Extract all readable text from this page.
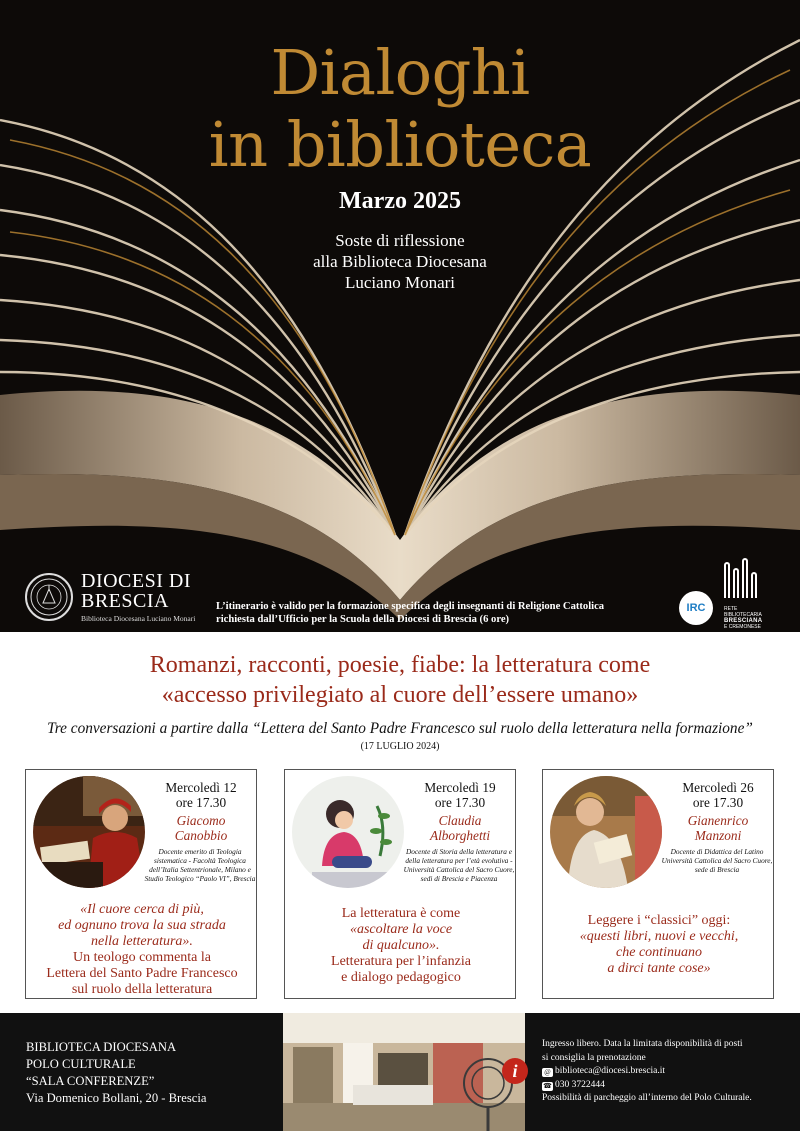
Dialoghi
in biblioteca
Marzo 2025
Soste di riflessione
alla Biblioteca Diocesana
Luciano Monari
DIOCESI DI
BRESCIA
Biblioteca Diocesana Luciano Monari
L’itinerario è valido per la formazione specifica degli insegnanti di Religione Cattolica
richiesta dall’Ufficio per la Scuola della Diocesi di Brescia (6 ore)
IRC	RETE BIBLIOTECARIA
BRESCIANA
E CREMONESE
Romanzi, racconti, poesie, fiabe: la letteratura come
«accesso privilegiato al cuore dell’essere umano»
Tre conversazioni a partire dalla “Lettera del Santo Padre Francesco sul ruolo della letteratura nella formazione”
(17 LUGLIO 2024)
Mercoledì 12
ore 17.30
Giacomo
Canobbio
Docente emerito di Teologia sistematica - Facoltà Teologica dell’Italia Settentrionale, Milano e Studio Teologico “Paolo VI”, Brescia
«Il cuore cerca di più,
ed ognuno trova la sua strada
nella letteratura».
Un teologo commenta la
Lettera del Santo Padre Francesco
sul ruolo della letteratura
Mercoledì 19
ore 17.30
Claudia
Alborghetti
Docente di Storia della letteratura e della letteratura per l’età evolutiva - Università Cattolica del Sacro Cuore, sedi di Brescia e Piacenza
La letteratura è come
«ascoltare la voce
di qualcuno».
Letteratura per l’infanzia
e dialogo pedagogico
Mercoledì 26
ore 17.30
Gianenrico
Manzoni
Docente di Didattica del Latino Università Cattolica del Sacro Cuore, sede di Brescia
Leggere i “classici” oggi:
«questi libri, nuovi e vecchi,
che continuano
a dirci tante cose»
BIBLIOTECA DIOCESANA
POLO CULTURALE
“SALA CONFERENZE”
Via Domenico Bollani, 20 - Brescia
i
Ingresso libero. Data la limitata disponibilità di posti
si consiglia la prenotazione
@ biblioteca@diocesi.brescia.it
☎ 030 3722444
Possibilità di parcheggio all’interno del Polo Culturale.
